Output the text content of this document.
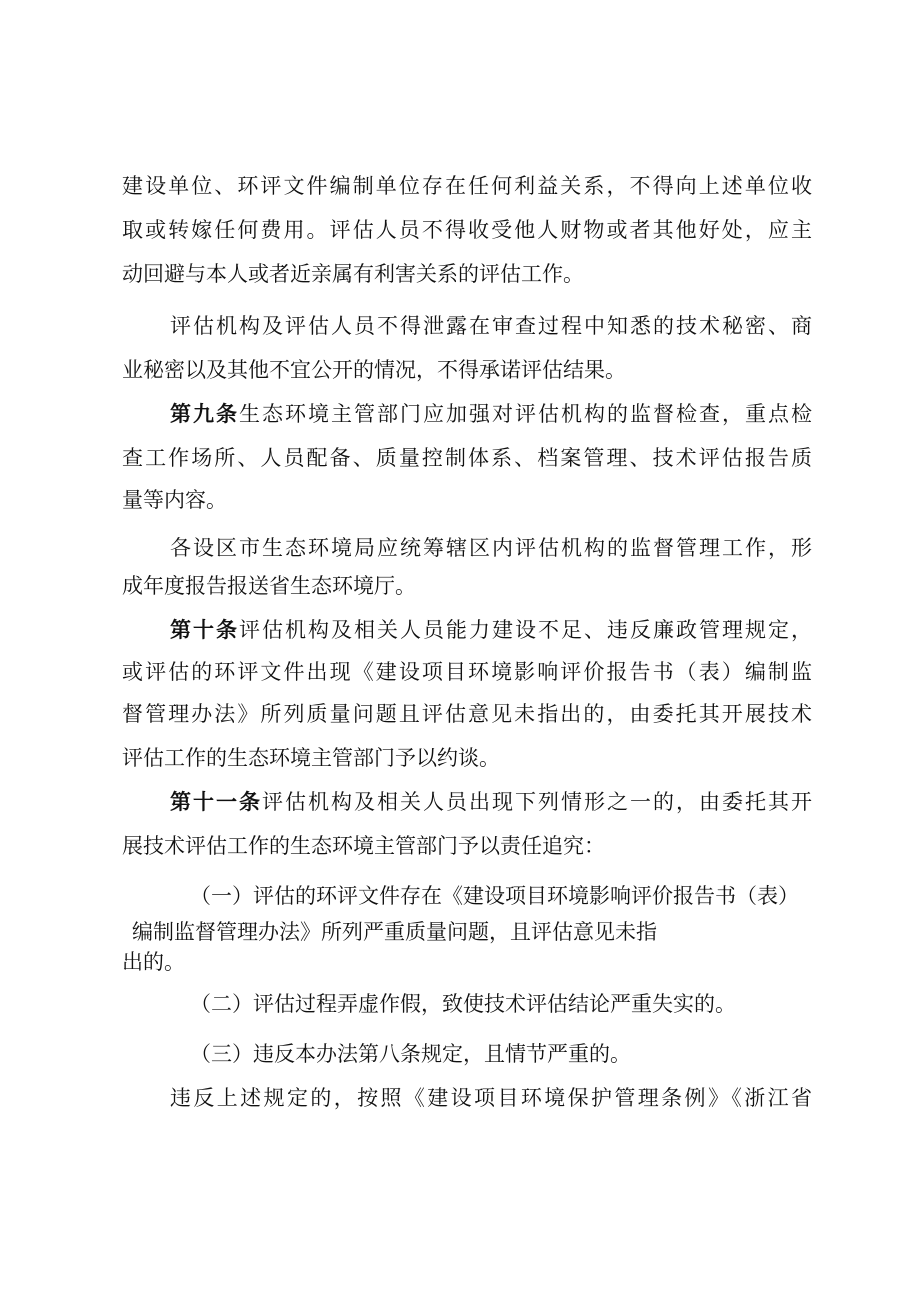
建设单位、环评文件编制单位存在任何利益关系，不得向上述单位收
取或转嫁任何费用。评估人员不得收受他人财物或者其他好处，应主
动回避与本人或者近亲属有利害关系的评估工作。
评估机构及评估人员不得泄露在审查过程中知悉的技术秘密、商
业秘密以及其他不宜公开的情况，不得承诺评估结果。
第九条生态环境主管部门应加强对评估机构的监督检查，重点检
查工作场所、人员配备、质量控制体系、档案管理、技术评估报告质
量等内容。
各设区市生态环境局应统筹辖区内评估机构的监督管理工作，形
成年度报告报送省生态环境厅。
第十条评估机构及相关人员能力建设不足、违反廉政管理规定，
或评估的环评文件出现《建设项目环境影响评价报告书（表）编制监
督管理办法》所列质量问题且评估意见未指出的，由委托其开展技术
评估工作的生态环境主管部门予以约谈。
第十一条评估机构及相关人员出现下列情形之一的，由委托其开
展技术评估工作的生态环境主管部门予以责任追究：
（一）评估的环评文件存在《建设项目环境影响评价报告书（表）
编制监督管理办法》所列严重质量问题，且评估意见未指
出的。
（二）评估过程弄虚作假，致使技术评估结论严重失实的。
（三）违反本办法第八条规定，且情节严重的。
违反上述规定的，按照《建设项目环境保护管理条例》《浙江省
